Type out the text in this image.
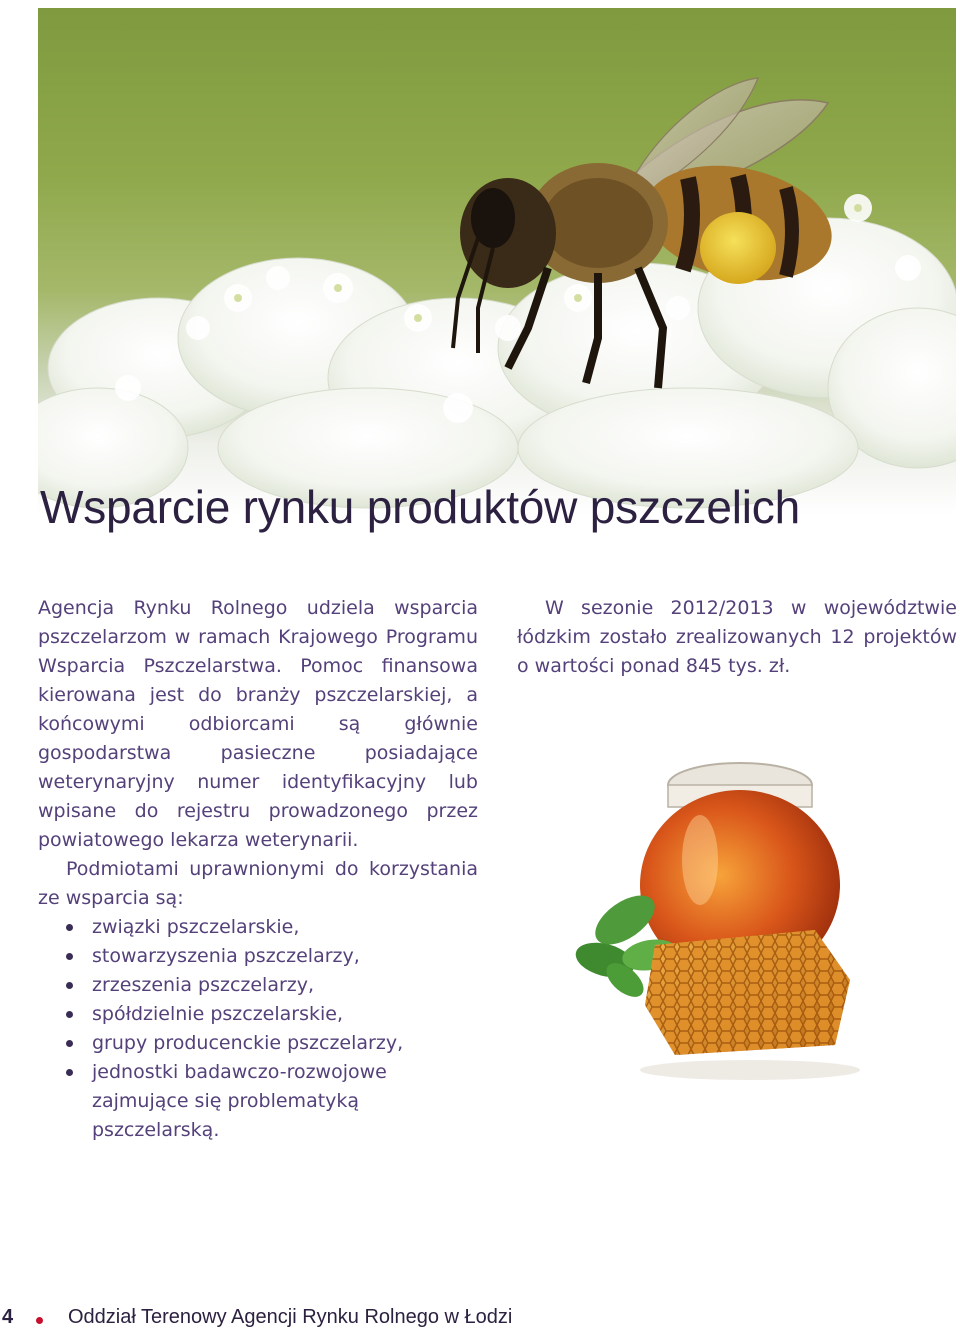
Wsparcie rynku produktów pszczelich

Agencja Rynku Rolnego udziela wsparcia pszczelarzom w ramach Krajowego Programu Wsparcia Pszczelarstwa. Pomoc finansowa kierowana jest do branży pszczelarskiej, a końcowymi odbiorcami są głównie gospodarstwa pasieczne posiadające weterynaryjny numer identyfikacyjny lub wpisane do rejestru prowadzonego przez powiatowego lekarza weterynarii.

Podmiotami uprawnionymi do korzystania ze wsparcia są:

związki pszczelarskie,
stowarzyszenia pszczelarzy,
zrzeszenia pszczelarzy,
spółdzielnie pszczelarskie,
grupy producenckie pszczelarzy,
jednostki badawczo-rozwojowe zajmujące się problematyką pszczelarską.

W sezonie 2012/2013 w województwie łódzkim zostało zrealizowanych 12 projektów o wartości ponad 845 tys. zł.

4	Oddział Terenowy Agencji Rynku Rolnego w Łodzi
